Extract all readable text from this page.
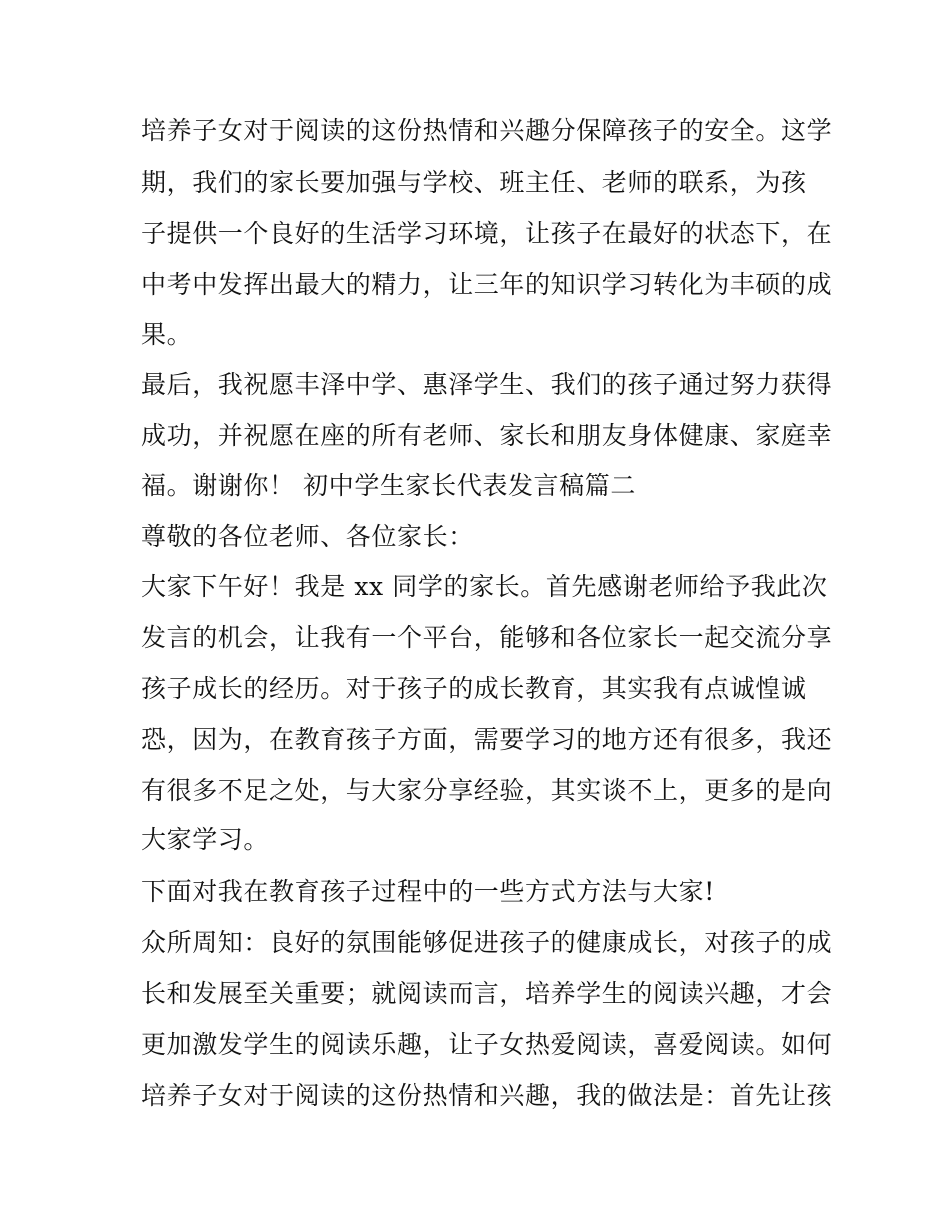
培养子女对于阅读的这份热情和兴趣分保障孩子的安全。这学
期，我们的家长要加强与学校、班主任、老师的联系，为孩
子提供一个良好的生活学习环境，让孩子在最好的状态下，在
中考中发挥出最大的精力，让三年的知识学习转化为丰硕的成
果。
最后，我祝愿丰泽中学、惠泽学生、我们的孩子通过努力获得
成功，并祝愿在座的所有老师、家长和朋友身体健康、家庭幸
福。谢谢你！ 初中学生家长代表发言稿篇二
尊敬的各位老师、各位家长：
大家下午好！我是 xx 同学的家长。首先感谢老师给予我此次
发言的机会，让我有一个平台，能够和各位家长一起交流分享
孩子成长的经历。对于孩子的成长教育，其实我有点诚惶诚
恐，因为，在教育孩子方面，需要学习的地方还有很多，我还
有很多不足之处，与大家分享经验，其实谈不上，更多的是向
大家学习。
下面对我在教育孩子过程中的一些方式方法与大家!
众所周知：良好的氛围能够促进孩子的健康成长，对孩子的成
长和发展至关重要；就阅读而言，培养学生的阅读兴趣，才会
更加激发学生的阅读乐趣，让子女热爱阅读，喜爱阅读。如何
培养子女对于阅读的这份热情和兴趣，我的做法是：首先让孩
